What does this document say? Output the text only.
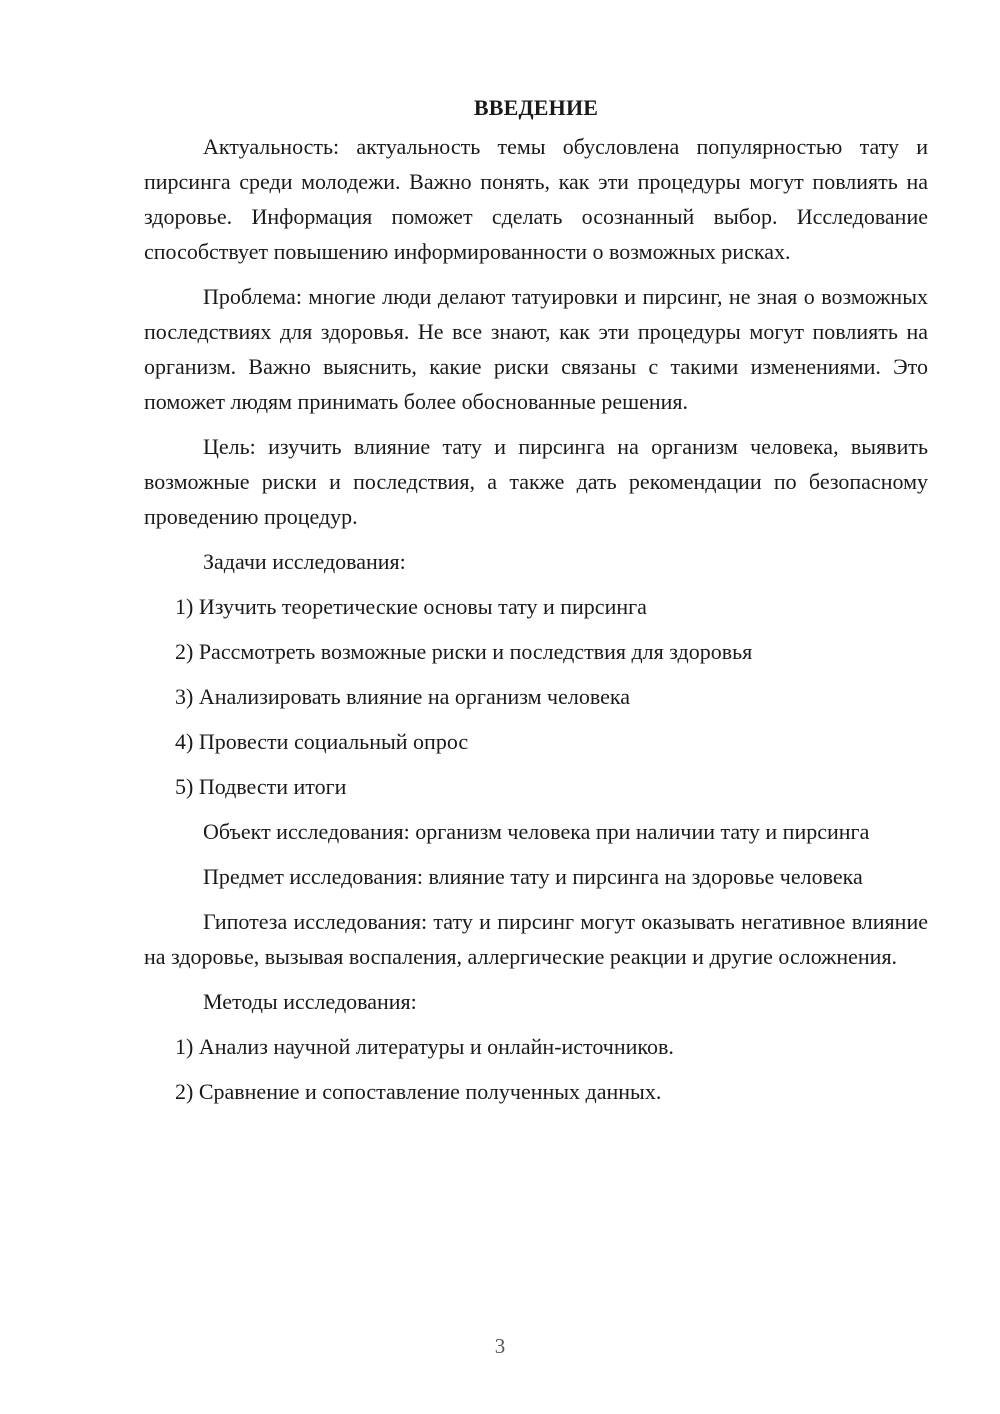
ВВЕДЕНИЕ

Актуальность: актуальность темы обусловлена популярностью тату и пирсинга среди молодежи. Важно понять, как эти процедуры могут повлиять на здоровье. Информация поможет сделать осознанный выбор. Исследование способствует повышению информированности о возможных рисках.

Проблема: многие люди делают татуировки и пирсинг, не зная о возможных последствиях для здоровья. Не все знают, как эти процедуры могут повлиять на организм. Важно выяснить, какие риски связаны с такими изменениями. Это поможет людям принимать более обоснованные решения.

Цель: изучить влияние тату и пирсинга на организм человека, выявить возможные риски и последствия, а также дать рекомендации по безопасному проведению процедур.

Задачи исследования:

1) Изучить теоретические основы тату и пирсинга
2) Рассмотреть возможные риски и последствия для здоровья
3) Анализировать влияние на организм человека
4) Провести социальный опрос
5) Подвести итоги

Объект исследования: организм человека при наличии тату и пирсинга

Предмет исследования: влияние тату и пирсинга на здоровье человека

Гипотеза исследования: тату и пирсинг могут оказывать негативное влияние на здоровье, вызывая воспаления, аллергические реакции и другие осложнения.

Методы исследования:

1) Анализ научной литературы и онлайн-источников.
2) Сравнение и сопоставление полученных данных.
3
